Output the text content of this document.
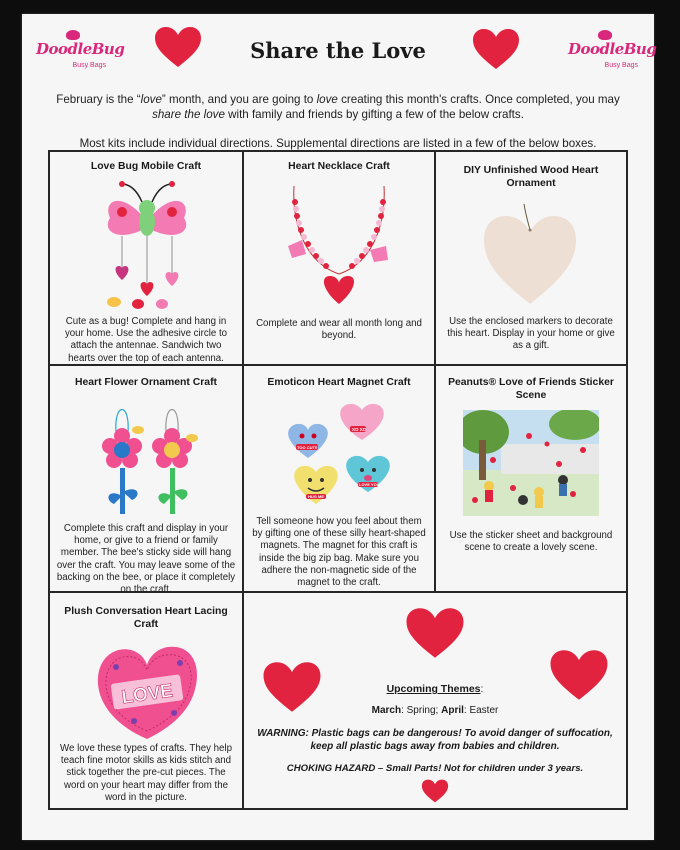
DoodleBug
Busy Bags
DoodleBug
Busy Bags
Share the Love
February is the “love” month, and you are going to love creating this month's crafts. Once completed, you may share the love with family and friends by gifting a few of the below crafts.
Most kits include individual directions. Supplemental directions are listed in a few of the below boxes.
Love Bug Mobile Craft
Cute as a bug! Complete and hang in your home. Use the adhesive circle to attach the antennae. Sandwich two hearts over the top of each antenna.
Heart Necklace Craft
Complete and wear all month long and beyond.
DIY Unfinished Wood Heart Ornament
Use the enclosed markers to decorate this heart. Display in your home or give as a gift.
Heart Flower Ornament Craft
Complete this craft and display in your home, or give to a friend or family member. The bee's sticky side will hang over the craft. You may leave some of the backing on the bee, or place it completely on the craft.
Emoticon Heart Magnet Craft
XO XO
TOO CUTE
LOVE YOU
HUG ME
Tell someone how you feel about them by gifting one of these silly heart-shaped magnets. The magnet for this craft is inside the big zip bag. Make sure you adhere the non-magnetic side of the magnet to the craft.
Peanuts® Love of Friends Sticker Scene
Use the sticker sheet and background scene to create a lovely scene.
Plush Conversation Heart Lacing Craft
LOVE
We love these types of crafts. They help teach fine motor skills as kids stitch and stick together the pre-cut pieces. The word on your heart may differ from the word in the picture.
Upcoming Themes:
March: Spring; April: Easter
WARNING: Plastic bags can be dangerous! To avoid danger of suffocation, keep all plastic bags away from babies and children.
CHOKING HAZARD – Small Parts! Not for children under 3 years.
